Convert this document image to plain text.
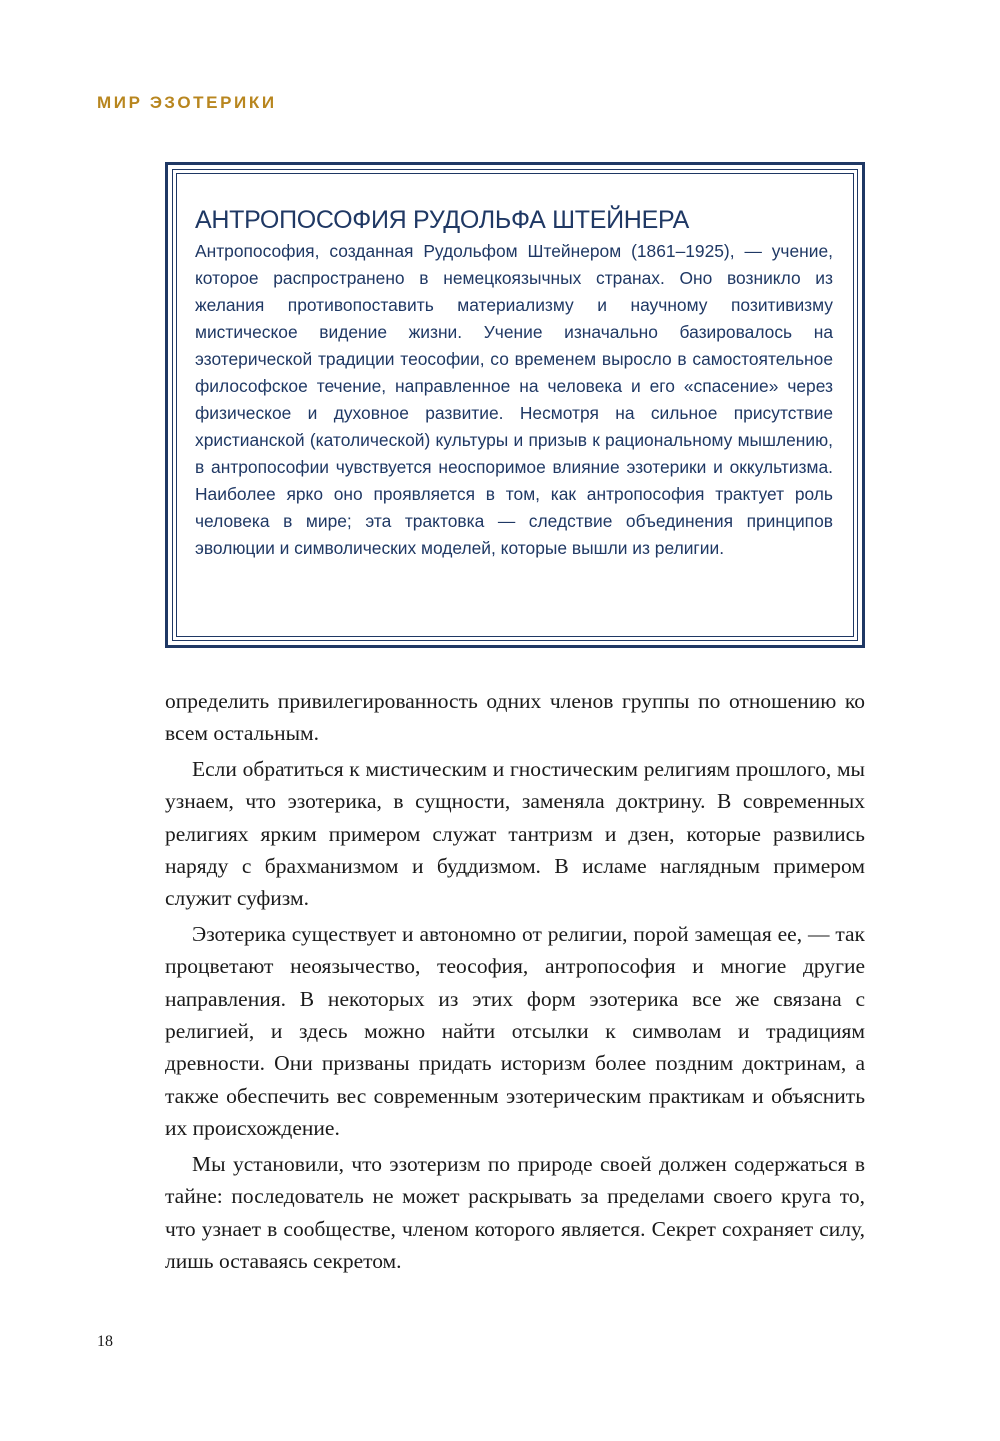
МИР ЭЗОТЕРИКИ
АНТРОПОСОФИЯ РУДОЛЬФА ШТЕЙНЕРА

Антропософия, созданная Рудольфом Штейнером (1861–1925), — учение, которое распространено в немецкоязычных странах. Оно возникло из желания противопоставить материализму и научному позитивизму мистическое видение жизни. Учение изначально базировалось на эзотерической традиции теософии, со временем выросло в самостоятельное философское течение, направленное на человека и его «спасение» через физическое и духовное развитие. Несмотря на сильное присутствие христианской (католической) культуры и призыв к рациональному мышлению, в антропософии чувствуется неоспоримое влияние эзотерики и оккультизма. Наиболее ярко оно проявляется в том, как антропософия трактует роль человека в мире; эта трактовка — следствие объединения принципов эволюции и символических моделей, которые вышли из религии.

определить привилегированность одних членов группы по отношению ко всем остальным.

Если обратиться к мистическим и гностическим религиям прошлого, мы узнаем, что эзотерика, в сущности, заменяла доктрину. В современных религиях ярким примером служат тантризм и дзен, которые развились наряду с брахманизмом и буддизмом. В исламе наглядным примером служит суфизм.

Эзотерика существует и автономно от религии, порой замещая ее, — так процветают неоязычество, теософия, антропософия и многие другие направления. В некоторых из этих форм эзотерика все же связана с религией, и здесь можно найти отсылки к символам и традициям древности. Они призваны придать историзм более поздним доктринам, а также обеспечить вес современным эзотерическим практикам и объяснить их происхождение.

Мы установили, что эзотеризм по природе своей должен содержаться в тайне: последователь не может раскрывать за пределами своего круга то, что узнает в сообществе, членом которого является. Секрет сохраняет силу, лишь оставаясь секретом.

18
